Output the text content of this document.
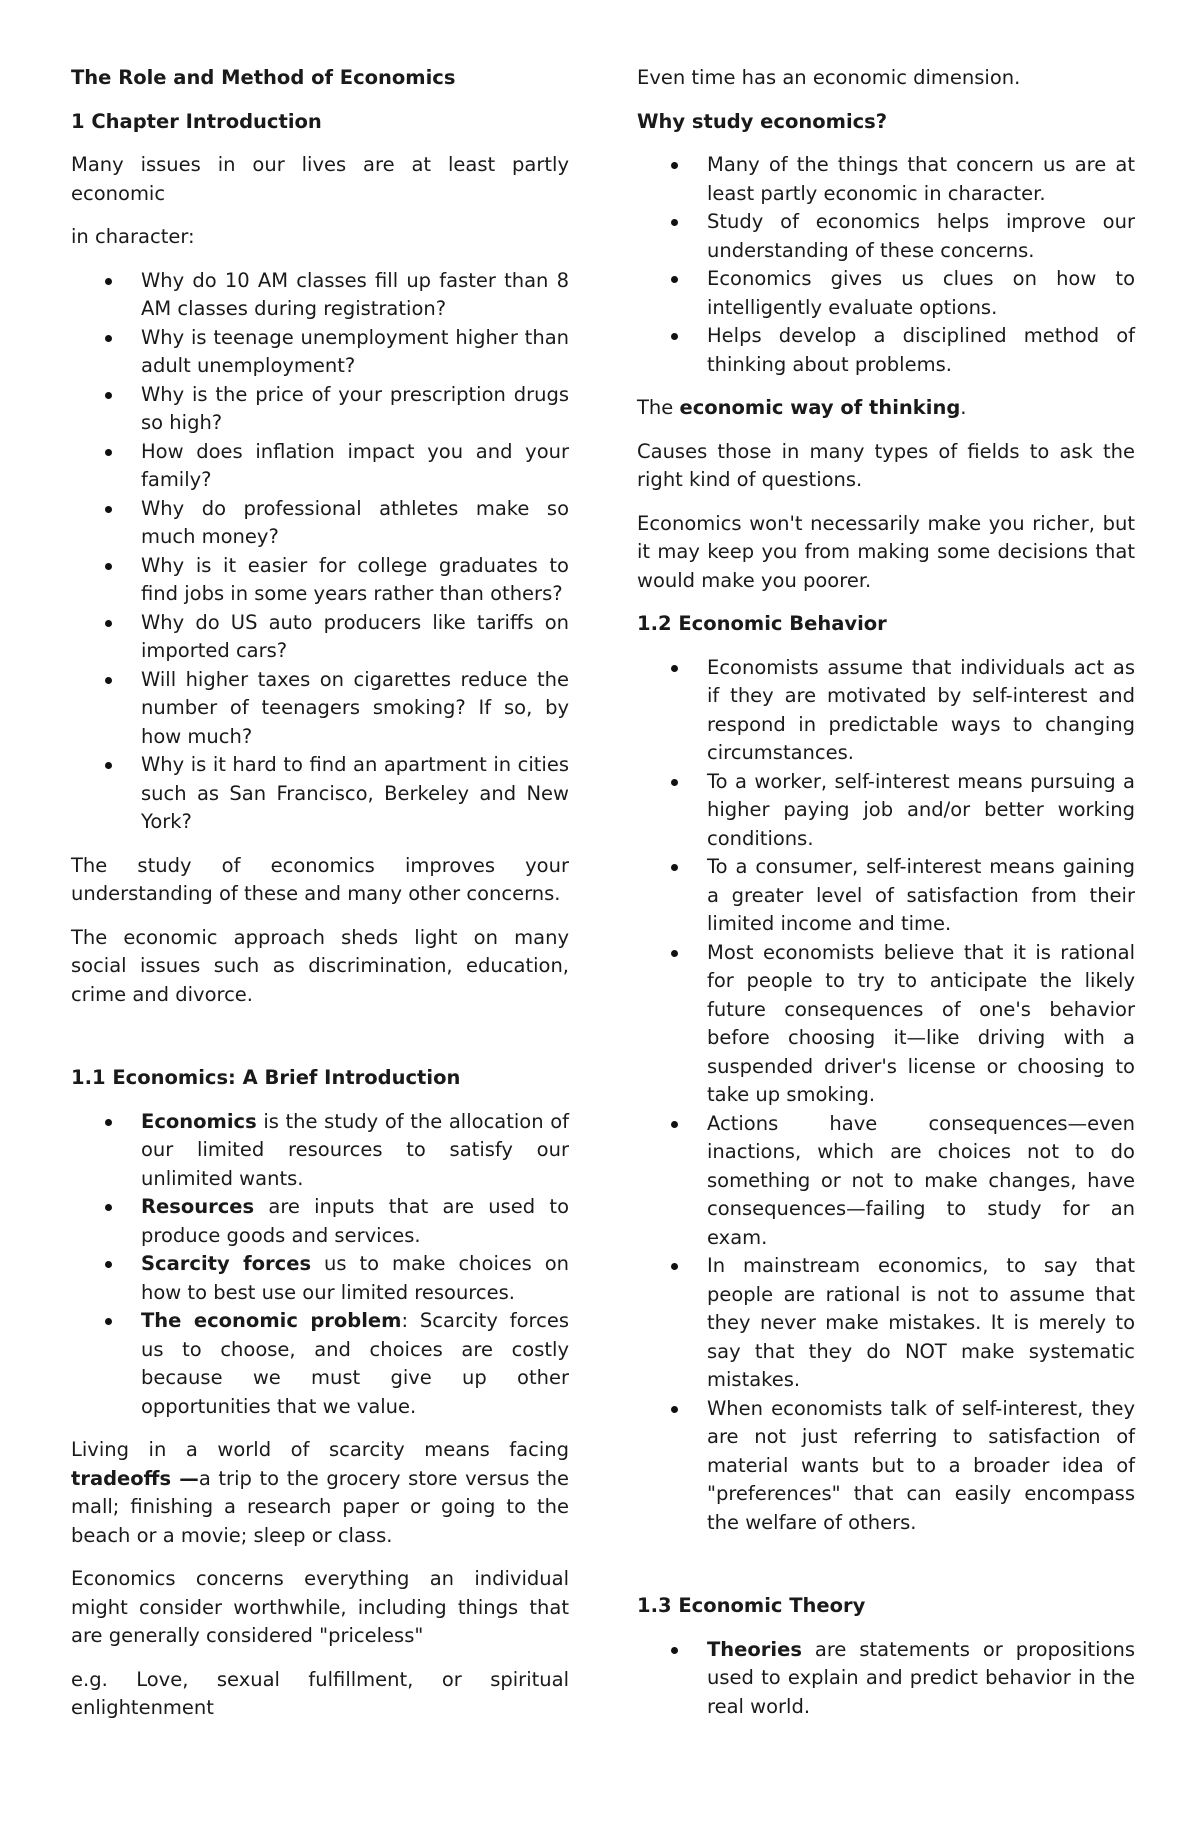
The Role and Method of Economics
1 Chapter Introduction

Many issues in our lives are at least partly economic

in character:

Why do 10 AM classes fill up faster than 8 AM classes during registration?
Why is teenage unemployment higher than adult unemployment?
Why is the price of your prescription drugs so high?
How does inflation impact you and your family?
Why do professional athletes make so much money?
Why is it easier for college graduates to find jobs in some years rather than others?
Why do US auto producers like tariffs on imported cars?
Will higher taxes on cigarettes reduce the number of teenagers smoking? If so, by how much?
Why is it hard to find an apartment in cities such as San Francisco, Berkeley and New York?

The study of economics improves your understanding of these and many other concerns.

The economic approach sheds light on many social issues such as discrimination, education, crime and divorce.

1.1 Economics: A Brief Introduction
Economics is the study of the allocation of our limited resources to satisfy our unlimited wants.
Resources are inputs that are used to produce goods and services.
Scarcity forces us to make choices on how to best use our limited resources.
The economic problem: Scarcity forces us to choose, and choices are costly because we must give up other opportunities that we value.

Living in a world of scarcity means facing tradeoffs —a trip to the grocery store versus the mall; finishing a research paper or going to the beach or a movie; sleep or class.

Economics concerns everything an individual might consider worthwhile, including things that are generally considered "priceless"

e.g. Love, sexual fulfillment, or spiritual enlightenment

Even time has an economic dimension.

Why study economics?
Many of the things that concern us are at least partly economic in character.
Study of economics helps improve our understanding of these concerns.
Economics gives us clues on how to intelligently evaluate options.
Helps develop a disciplined method of thinking about problems.

The economic way of thinking.

Causes those in many types of fields to ask the right kind of questions.

Economics won't necessarily make you richer, but it may keep you from making some decisions that would make you poorer.

1.2 Economic Behavior
Economists assume that individuals act as if they are motivated by self-interest and respond in predictable ways to changing circumstances.
To a worker, self-interest means pursuing a higher paying job and/or better working conditions.
To a consumer, self-interest means gaining a greater level of satisfaction from their limited income and time.
Most economists believe that it is rational for people to try to anticipate the likely future consequences of one's behavior before choosing it—like driving with a suspended driver's license or choosing to take up smoking.
Actions have consequences—even inactions, which are choices not to do something or not to make changes, have consequences—failing to study for an exam.
In mainstream economics, to say that people are rational is not to assume that they never make mistakes. It is merely to say that they do NOT make systematic mistakes.
When economists talk of self-interest, they are not just referring to satisfaction of material wants but to a broader idea of "preferences" that can easily encompass the welfare of others.
1.3 Economic Theory
Theories are statements or propositions used to explain and predict behavior in the real world.
